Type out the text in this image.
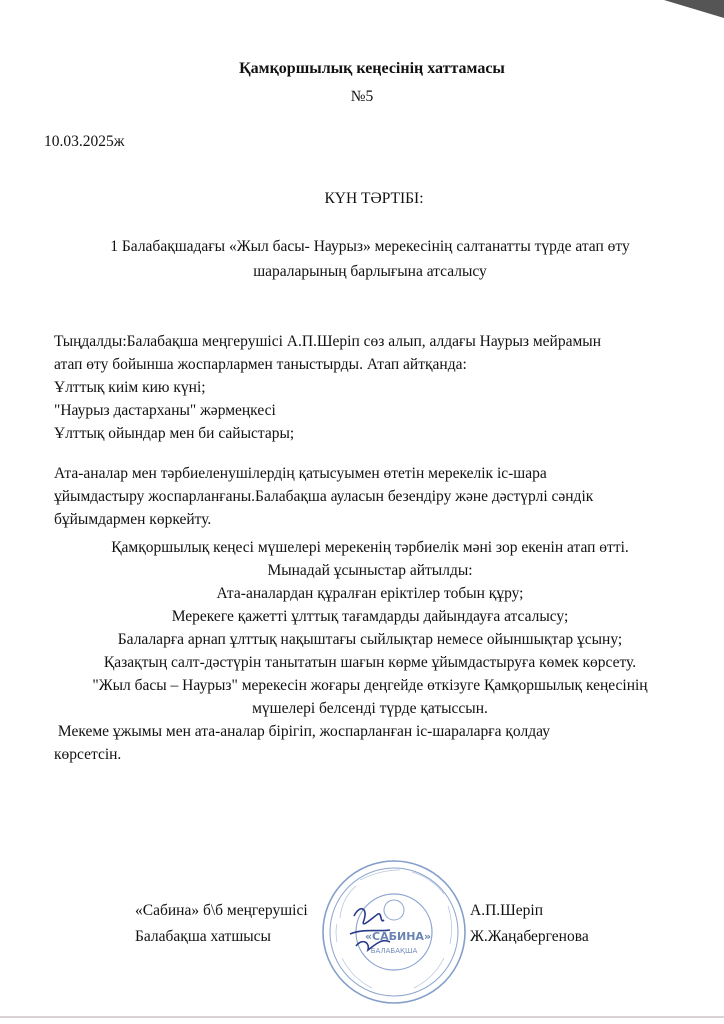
Қамқоршылық кеңесінің хаттамасы
№5
10.03.2025ж
КҮН ТӘРТІБІ:
1 Балабақшадағы «Жыл басы- Наурыз» мерекесінің салтанатты түрде атап өту
шараларының барлығына атсалысу
Тыңдалды:Балабақша меңгерушісі А.П.Шеріп сөз алып, алдағы Наурыз мейрамын
атап өту бойынша жоспарлармен таныстырды. Атап айтқанда:
Ұлттық киім кию күні;
"Наурыз дастарханы" жәрмеңкесі
Ұлттық ойындар мен би сайыстары;
Ата-аналар мен тәрбиеленушілердің қатысуымен өтетін мерекелік іс-шара
ұйымдастыру жоспарланғаны.Балабақша ауласын безендіру және дәстүрлі сәндік
бұйымдармен көркейту.
Қамқоршылық кеңесі мүшелері мерекенің тәрбиелік мәні зор екенін атап өтті.
Мынадай ұсыныстар айтылды:
Ата-аналардан құралған еріктілер тобын құру;
Мерекеге қажетті ұлттық тағамдарды дайындауға атсалысу;
Балаларға арнап ұлттық нақыштағы сыйлықтар немесе ойыншықтар ұсыну;
Қазақтың салт-дәстүрін танытатын шағын көрме ұйымдастыруға көмек көрсету.
"Жыл басы – Наурыз" мерекесін жоғары деңгейде өткізуге Қамқоршылық кеңесінің
мүшелері белсенді түрде қатыссын.
Мекеме ұжымы мен ата-аналар бірігіп, жоспарланған іс-шараларға қолдау
көрсетсін.
«САБИНА»
БАЛАБАҚША
«Сабина» б\б меңгерушісі
Балабақша хатшысы
А.П.Шеріп
Ж.Жаңабергенова
